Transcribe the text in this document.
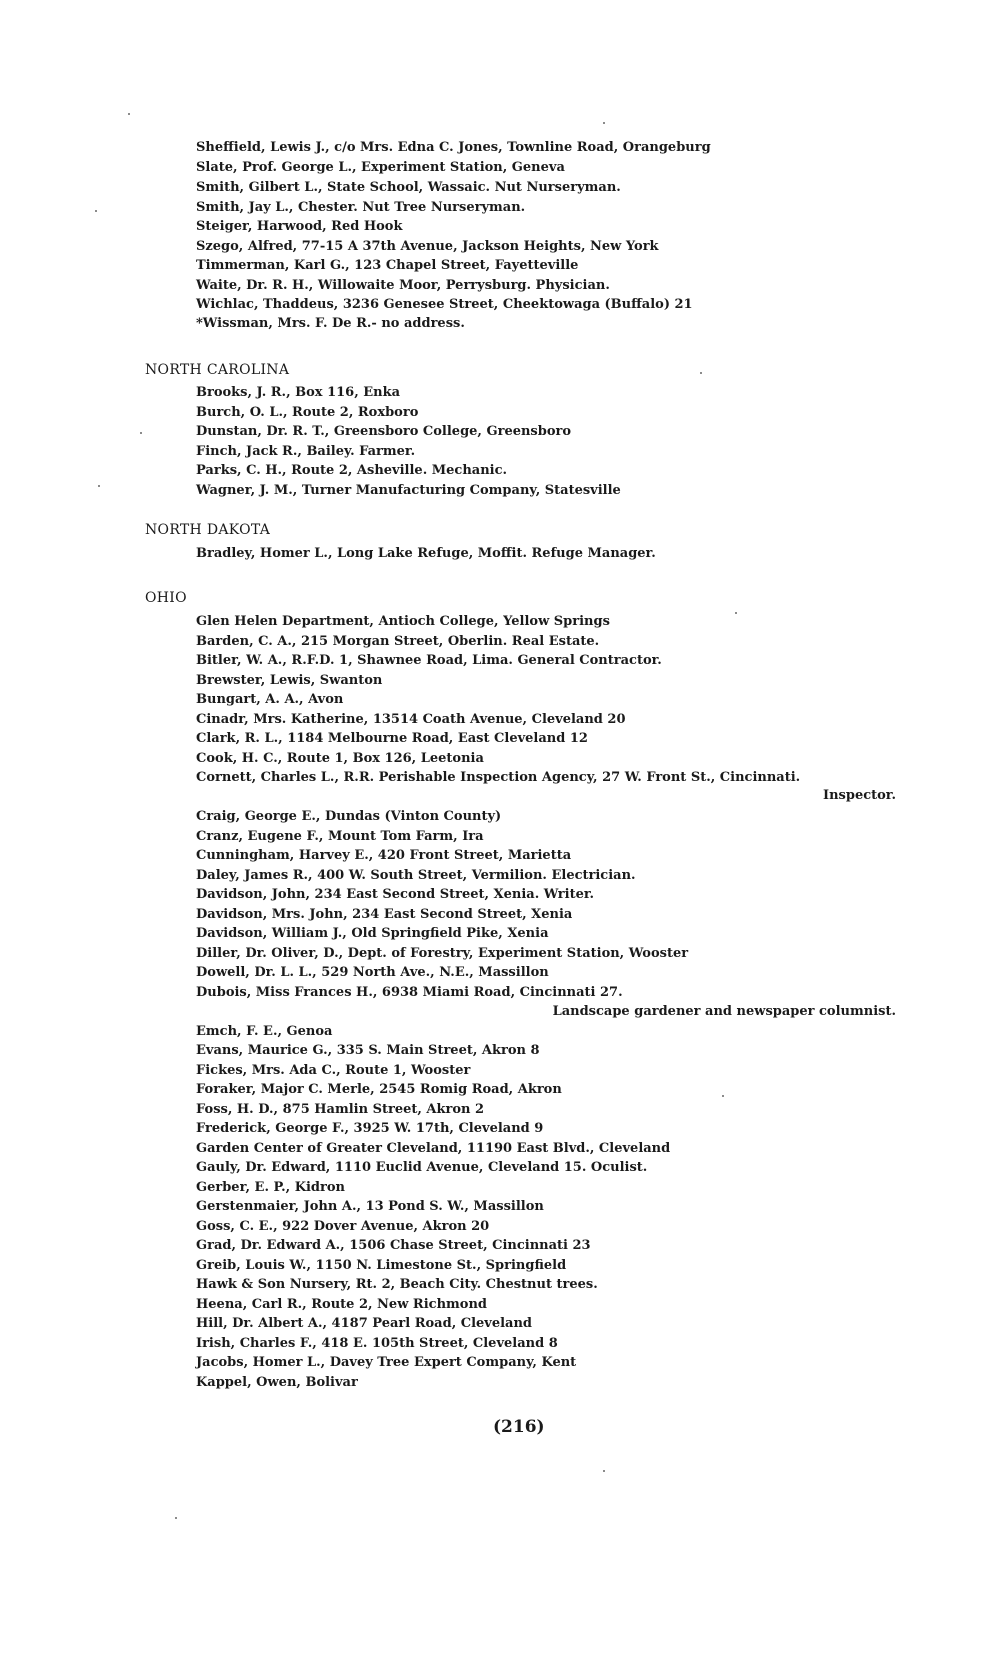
Sheffield, Lewis J., c/o Mrs. Edna C. Jones, Townline Road, Orangeburg
Slate, Prof. George L., Experiment Station, Geneva
Smith, Gilbert L., State School, Wassaic. Nut Nurseryman.
Smith, Jay L., Chester. Nut Tree Nurseryman.
Steiger, Harwood, Red Hook
Szego, Alfred, 77-15 A 37th Avenue, Jackson Heights, New York
Timmerman, Karl G., 123 Chapel Street, Fayetteville
Waite, Dr. R. H., Willowaite Moor, Perrysburg. Physician.
Wichlac, Thaddeus, 3236 Genesee Street, Cheektowaga (Buffalo) 21
*Wissman, Mrs. F. De R.- no address.
NORTH CAROLINA
Brooks, J. R., Box 116, Enka
Burch, O. L., Route 2, Roxboro
Dunstan, Dr. R. T., Greensboro College, Greensboro
Finch, Jack R., Bailey. Farmer.
Parks, C. H., Route 2, Asheville. Mechanic.
Wagner, J. M., Turner Manufacturing Company, Statesville
NORTH DAKOTA
Bradley, Homer L., Long Lake Refuge, Moffit. Refuge Manager.
OHIO
Glen Helen Department, Antioch College, Yellow Springs
Barden, C. A., 215 Morgan Street, Oberlin. Real Estate.
Bitler, W. A., R.F.D. 1, Shawnee Road, Lima. General Contractor.
Brewster, Lewis, Swanton
Bungart, A. A., Avon
Cinadr, Mrs. Katherine, 13514 Coath Avenue, Cleveland 20
Clark, R. L., 1184 Melbourne Road, East Cleveland 12
Cook, H. C., Route 1, Box 126, Leetonia
Cornett, Charles L., R.R. Perishable Inspection Agency, 27 W. Front St., Cincinnati.
Inspector.
Craig, George E., Dundas (Vinton County)
Cranz, Eugene F., Mount Tom Farm, Ira
Cunningham, Harvey E., 420 Front Street, Marietta
Daley, James R., 400 W. South Street, Vermilion. Electrician.
Davidson, John, 234 East Second Street, Xenia. Writer.
Davidson, Mrs. John, 234 East Second Street, Xenia
Davidson, William J., Old Springfield Pike, Xenia
Diller, Dr. Oliver, D., Dept. of Forestry, Experiment Station, Wooster
Dowell, Dr. L. L., 529 North Ave., N.E., Massillon
Dubois, Miss Frances H., 6938 Miami Road, Cincinnati 27.
Landscape gardener and newspaper columnist.
Emch, F. E., Genoa
Evans, Maurice G., 335 S. Main Street, Akron 8
Fickes, Mrs. Ada C., Route 1, Wooster
Foraker, Major C. Merle, 2545 Romig Road, Akron
Foss, H. D., 875 Hamlin Street, Akron 2
Frederick, George F., 3925 W. 17th, Cleveland 9
Garden Center of Greater Cleveland, 11190 East Blvd., Cleveland
Gauly, Dr. Edward, 1110 Euclid Avenue, Cleveland 15. Oculist.
Gerber, E. P., Kidron
Gerstenmaier, John A., 13 Pond S. W., Massillon
Goss, C. E., 922 Dover Avenue, Akron 20
Grad, Dr. Edward A., 1506 Chase Street, Cincinnati 23
Greib, Louis W., 1150 N. Limestone St., Springfield
Hawk & Son Nursery, Rt. 2, Beach City. Chestnut trees.
Heena, Carl R., Route 2, New Richmond
Hill, Dr. Albert A., 4187 Pearl Road, Cleveland
Irish, Charles F., 418 E. 105th Street, Cleveland 8
Jacobs, Homer L., Davey Tree Expert Company, Kent
Kappel, Owen, Bolivar
(216)
